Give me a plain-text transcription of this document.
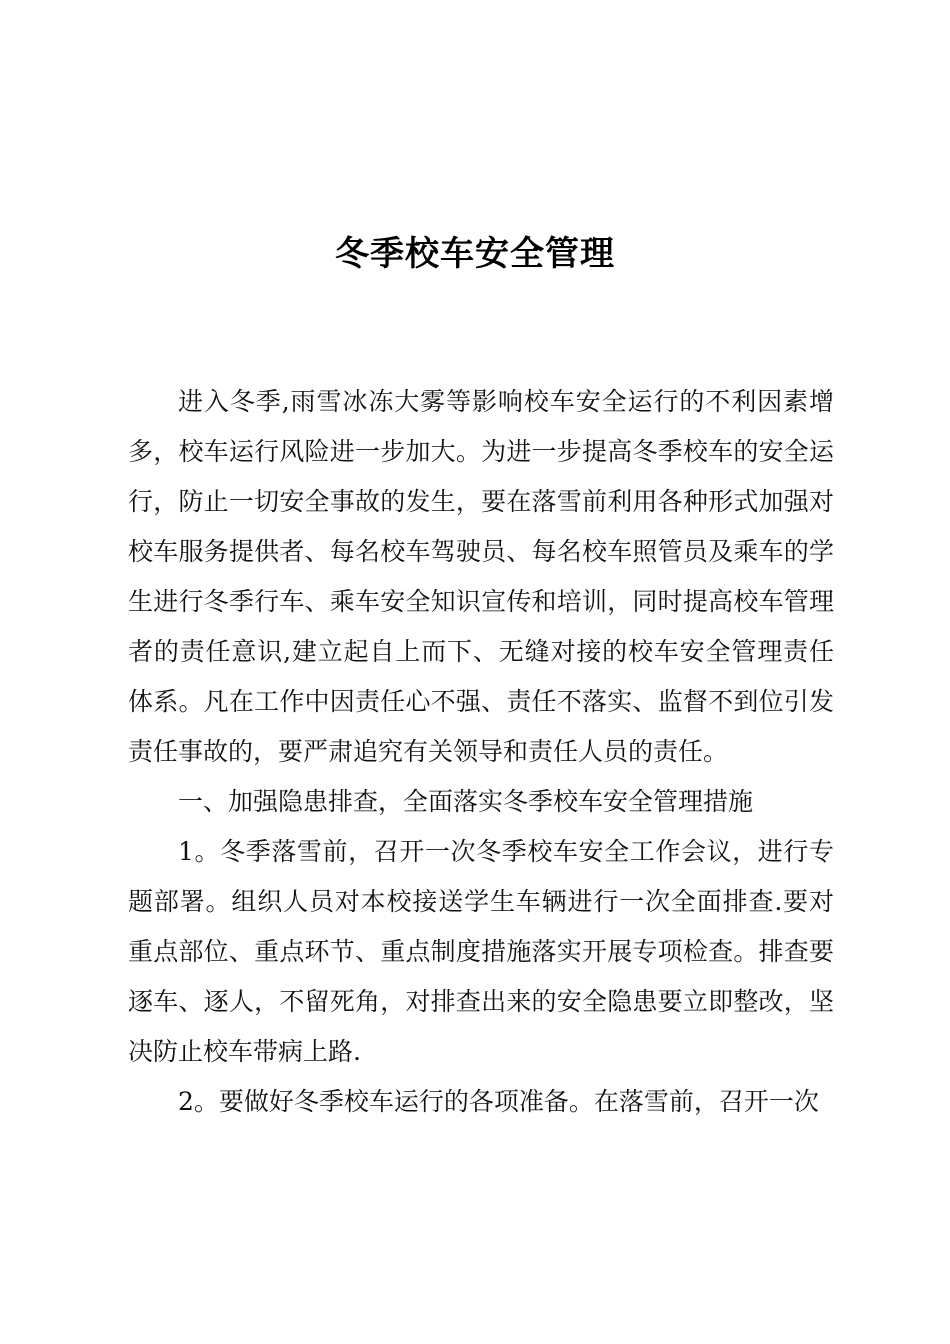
冬季校车安全管理

进入冬季,雨雪冰冻大雾等影响校车安全运行的不利因素增多，校车运行风险进一步加大。为进一步提高冬季校车的安全运行，防止一切安全事故的发生，要在落雪前利用各种形式加强对校车服务提供者、每名校车驾驶员、每名校车照管员及乘车的学生进行冬季行车、乘车安全知识宣传和培训，同时提高校车管理者的责任意识,建立起自上而下、无缝对接的校车安全管理责任体系。凡在工作中因责任心不强、责任不落实、监督不到位引发责任事故的，要严肃追究有关领导和责任人员的责任。

一、加强隐患排查，全面落实冬季校车安全管理措施

1。冬季落雪前，召开一次冬季校车安全工作会议，进行专题部署。组织人员对本校接送学生车辆进行一次全面排查.要对重点部位、重点环节、重点制度措施落实开展专项检查。排查要逐车、逐人，不留死角，对排查出来的安全隐患要立即整改，坚决防止校车带病上路.

2。要做好冬季校车运行的各项准备。在落雪前，召开一次
